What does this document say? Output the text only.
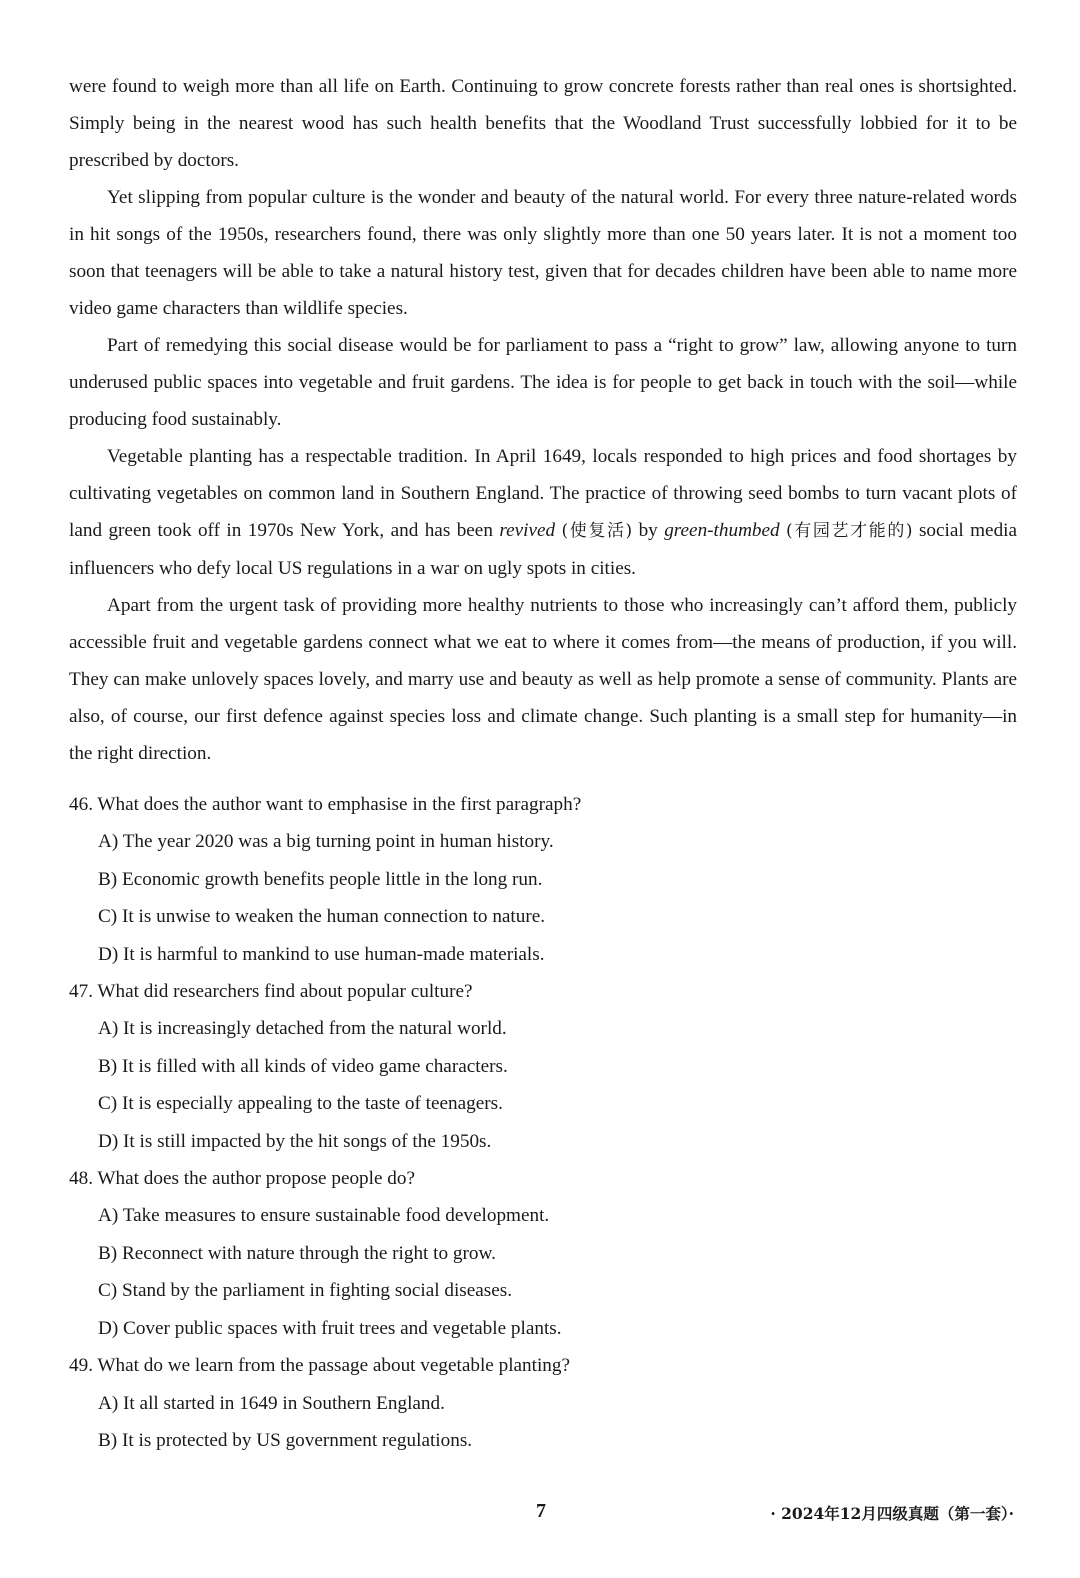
were found to weigh more than all life on Earth. Continuing to grow concrete forests rather than real ones is shortsighted. Simply being in the nearest wood has such health benefits that the Woodland Trust successfully lobbied for it to be prescribed by doctors.

Yet slipping from popular culture is the wonder and beauty of the natural world. For every three nature-related words in hit songs of the 1950s, researchers found, there was only slightly more than one 50 years later. It is not a moment too soon that teenagers will be able to take a natural history test, given that for decades children have been able to name more video game characters than wildlife species.

Part of remedying this social disease would be for parliament to pass a “right to grow” law, allowing anyone to turn underused public spaces into vegetable and fruit gardens. The idea is for people to get back in touch with the soil—while producing food sustainably.

Vegetable planting has a respectable tradition. In April 1649, locals responded to high prices and food shortages by cultivating vegetables on common land in Southern England. The practice of throwing seed bombs to turn vacant plots of land green took off in 1970s New York, and has been revived (使复活) by green-thumbed (有园艺才能的) social media influencers who defy local US regulations in a war on ugly spots in cities.

Apart from the urgent task of providing more healthy nutrients to those who increasingly can’t afford them, publicly accessible fruit and vegetable gardens connect what we eat to where it comes from—the means of production, if you will. They can make unlovely spaces lovely, and marry use and beauty as well as help promote a sense of community. Plants are also, of course, our first defence against species loss and climate change. Such planting is a small step for humanity—in the right direction.

46. What does the author want to emphasise in the first paragraph?

A) The year 2020 was a big turning point in human history.

B) Economic growth benefits people little in the long run.

C) It is unwise to weaken the human connection to nature.

D) It is harmful to mankind to use human-made materials.

47. What did researchers find about popular culture?

A) It is increasingly detached from the natural world.

B) It is filled with all kinds of video game characters.

C) It is especially appealing to the taste of teenagers.

D) It is still impacted by the hit songs of the 1950s.

48. What does the author propose people do?

A) Take measures to ensure sustainable food development.

B) Reconnect with nature through the right to grow.

C) Stand by the parliament in fighting social diseases.

D) Cover public spaces with fruit trees and vegetable plants.

49. What do we learn from the passage about vegetable planting?

A) It all started in 1649 in Southern England.

B) It is protected by US government regulations.

7	· 2024年12月四级真题（第一套）·
